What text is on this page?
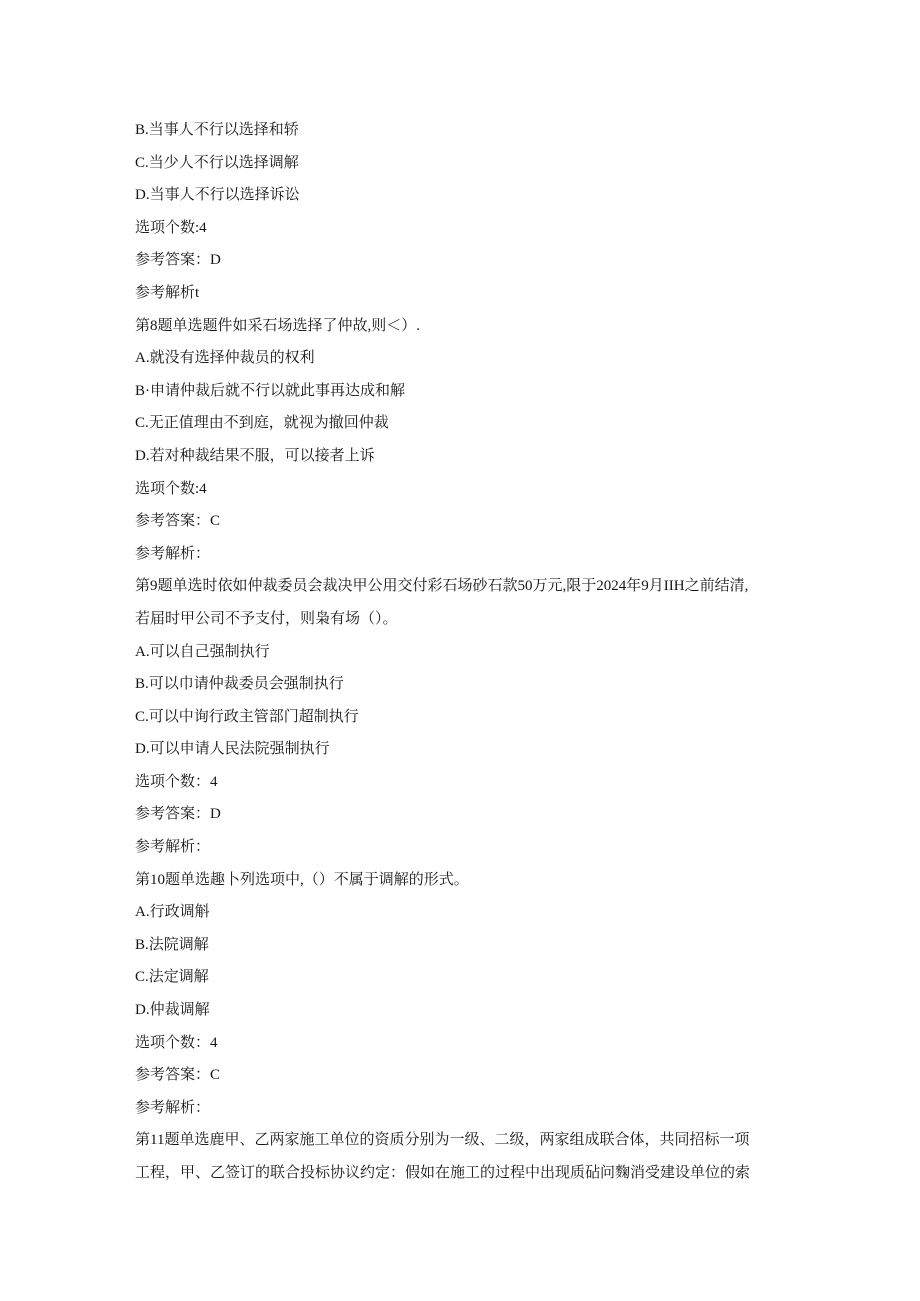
B.当事人不行以选择和轿
C.当少人不行以选择调解
D.当事人不行以选择诉讼
选项个数:4
参考答案：D
参考解析t
第8题单选题件如采石场选择了仲故,则＜）.
A.就没有选择仲裁员的权利
B·申请仲裁后就不行以就此事再达成和解
C.无正值理由不到庭，就视为撤回仲裁
D.若对种裁结果不服，可以接者上诉
选项个数:4
参考答案：C
参考解析：
第9题单选时依如仲裁委员会裁决甲公用交付彩石场砂石款50万元,限于2024年9月IIH之前结清,
若届时甲公司不予支付，则枭有场（）。
A.可以自己强制执行
B.可以巾请仲裁委员会强制执行
C.可以中询行政主管部门超制执行
D.可以申请人民法院强制执行
选项个数：4
参考答案：D
参考解析：
第10题单选趣卜列选项中,（）不属于调解的形式。
A.行政调斛
B.法院调解
C.法定调解
D.仲裁调解
选项个数：4
参考答案：C
参考解析：
第11题单选鹿甲、乙两家施工单位的资质分别为一级、二级，两家组成联合体，共同招标一项
工程，甲、乙签订的联合投标协议约定：假如在施工的过程中出现质砧问麴消受建设单位的索
